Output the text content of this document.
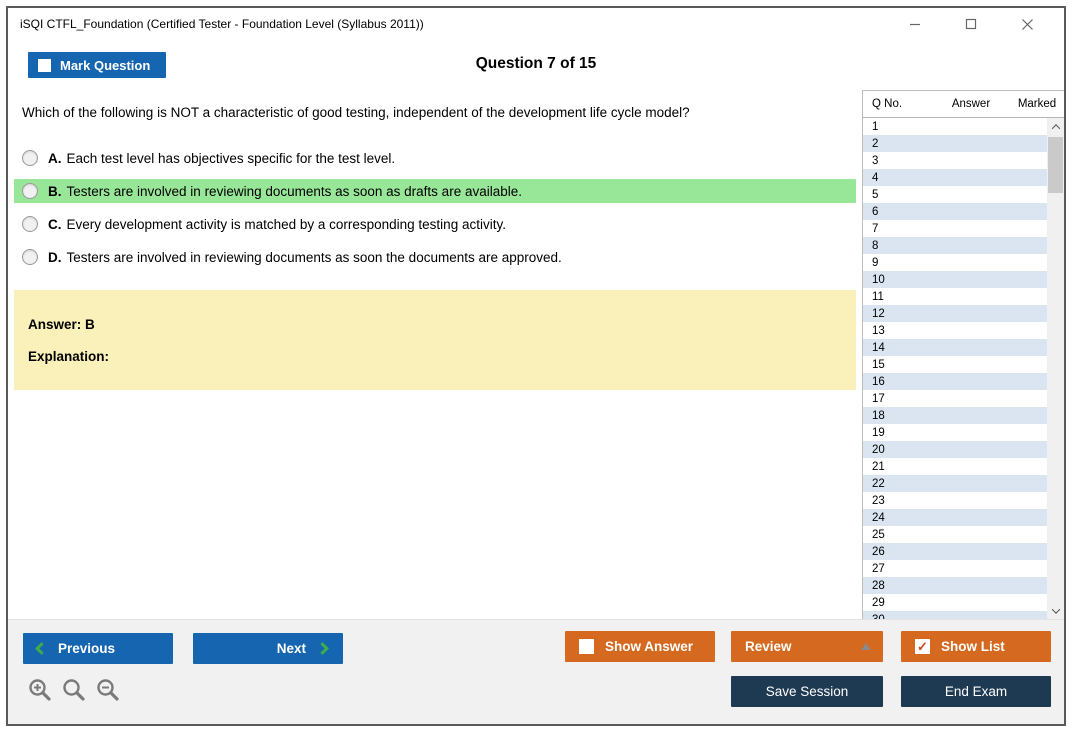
iSQI CTFL_Foundation (Certified Tester - Foundation Level (Syllabus 2011))
Mark Question	Question 7 of 15
Which of the following is NOT a characteristic of good testing, independent of the development life cycle model?
A. Each test level has objectives specific for the test level.
B. Testers are involved in reviewing documents as soon as drafts are available.
C. Every development activity is matched by a corresponding testing activity.
D. Testers are involved in reviewing documents as soon the documents are approved.
Answer: B
Explanation:
Q No.	Answer	Marked
1
2
3
4
5
6
7
8
9
10
11
12
13
14
15
16
17
18
19
20
21
22
23
24
25
26
27
28
29
Previous	Next	Show Answer	Review	✓ Show List
Save Session	End Exam
